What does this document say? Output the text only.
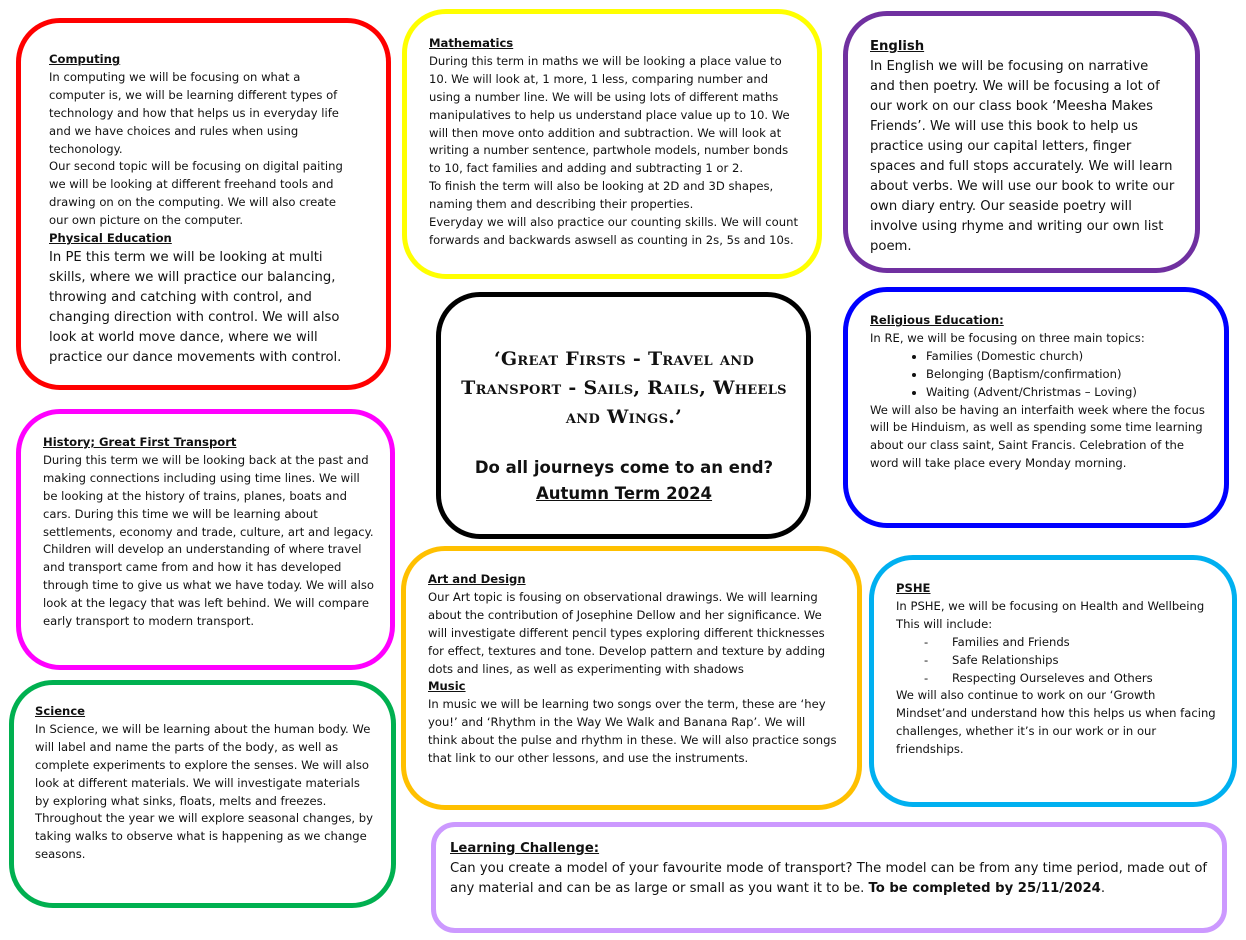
Computing
In computing we will be focusing on what a computer is, we will be learning different types of technology and how that helps us in everyday life and we have choices and rules when using techonology.
Our second topic will be focusing on digital paiting we will be looking at different freehand tools and drawing on on the computing. We will also create our own picture on the computer.
Physical Education
In PE this term we will be looking at multi skills, where we will practice our balancing, throwing and catching with control, and changing direction with control. We will also look at world move dance, where we will practice our dance movements with control.
Mathematics
During this term in maths we will be looking a place value to 10. We will look at, 1 more, 1 less, comparing number and using a number line. We will be using lots of different maths manipulatives to help us understand place value up to 10. We will then move onto addition and subtraction. We will look at writing a number sentence, partwhole models, number bonds to 10, fact families and adding and subtracting 1 or 2.
To finish the term will also be looking at 2D and 3D shapes, naming them and describing their properties.
Everyday we will also practice our counting skills. We will count forwards and backwards aswsell as counting in 2s, 5s and 10s.
English
In English we will be focusing on narrative and then poetry. We will be focusing a lot of our work on our class book ‘Meesha Makes Friends’. We will use this book to help us practice using our capital letters, finger spaces and full stops accurately. We will learn about verbs. We will use our book to write our own diary entry. Our seaside poetry will involve using rhyme and writing our own list poem.
History; Great First Transport
During this term we will be looking back at the past and making connections including using time lines. We will be looking at the history of trains, planes, boats and cars. During this time we will be learning about settlements, economy and trade, culture, art and legacy. Children will develop an understanding of where travel and transport came from and how it has developed through time to give us what we have today. We will also look at the legacy that was left behind. We will compare early transport to modern transport.
‘Great Firsts - Travel and Transport - Sails, Rails, Wheels and Wings.’
Do all journeys come to an end?
Autumn Term 2024
Religious Education:
In RE, we will be focusing on three main topics:
• Families (Domestic church)
• Belonging (Baptism/confirmation)
• Waiting (Advent/Christmas – Loving)
We will also be having an interfaith week where the focus will be Hinduism, as well as spending some time learning about our class saint, Saint Francis. Celebration of the word will take place every Monday morning.
Science
In Science, we will be learning about the human body. We will label and name the parts of the body, as well as complete experiments to explore the senses. We will also look at different materials. We will investigate materials by exploring what sinks, floats, melts and freezes.
Throughout the year we will explore seasonal changes, by taking walks to observe what is happening as we change seasons.
Art and Design
Our Art topic is fousing on observational drawings. We will learning about the contribution of Josephine Dellow and her significance. We will investigate different pencil types exploring different thicknesses for effect, textures and tone. Develop pattern and texture by adding dots and lines, as well as experimenting with shadows
Music
In music we will be learning two songs over the term, these are ‘hey you!’ and ‘Rhythm in the Way We Walk and Banana Rap’. We will think about the pulse and rhythm in these. We will also practice songs that link to our other lessons, and use the instruments.
PSHE
In PSHE, we will be focusing on Health and Wellbeing
This will include:
- Families and Friends
- Safe Relationships
- Respecting Ourseleves and Others
We will also continue to work on our ‘Growth Mindset’and understand how this helps us when facing challenges, whether it’s in our work or in our friendships.
Learning Challenge:
Can you create a model of your favourite mode of transport? The model can be from any time period, made out of any material and can be as large or small as you want it to be. To be completed by 25/11/2024.
